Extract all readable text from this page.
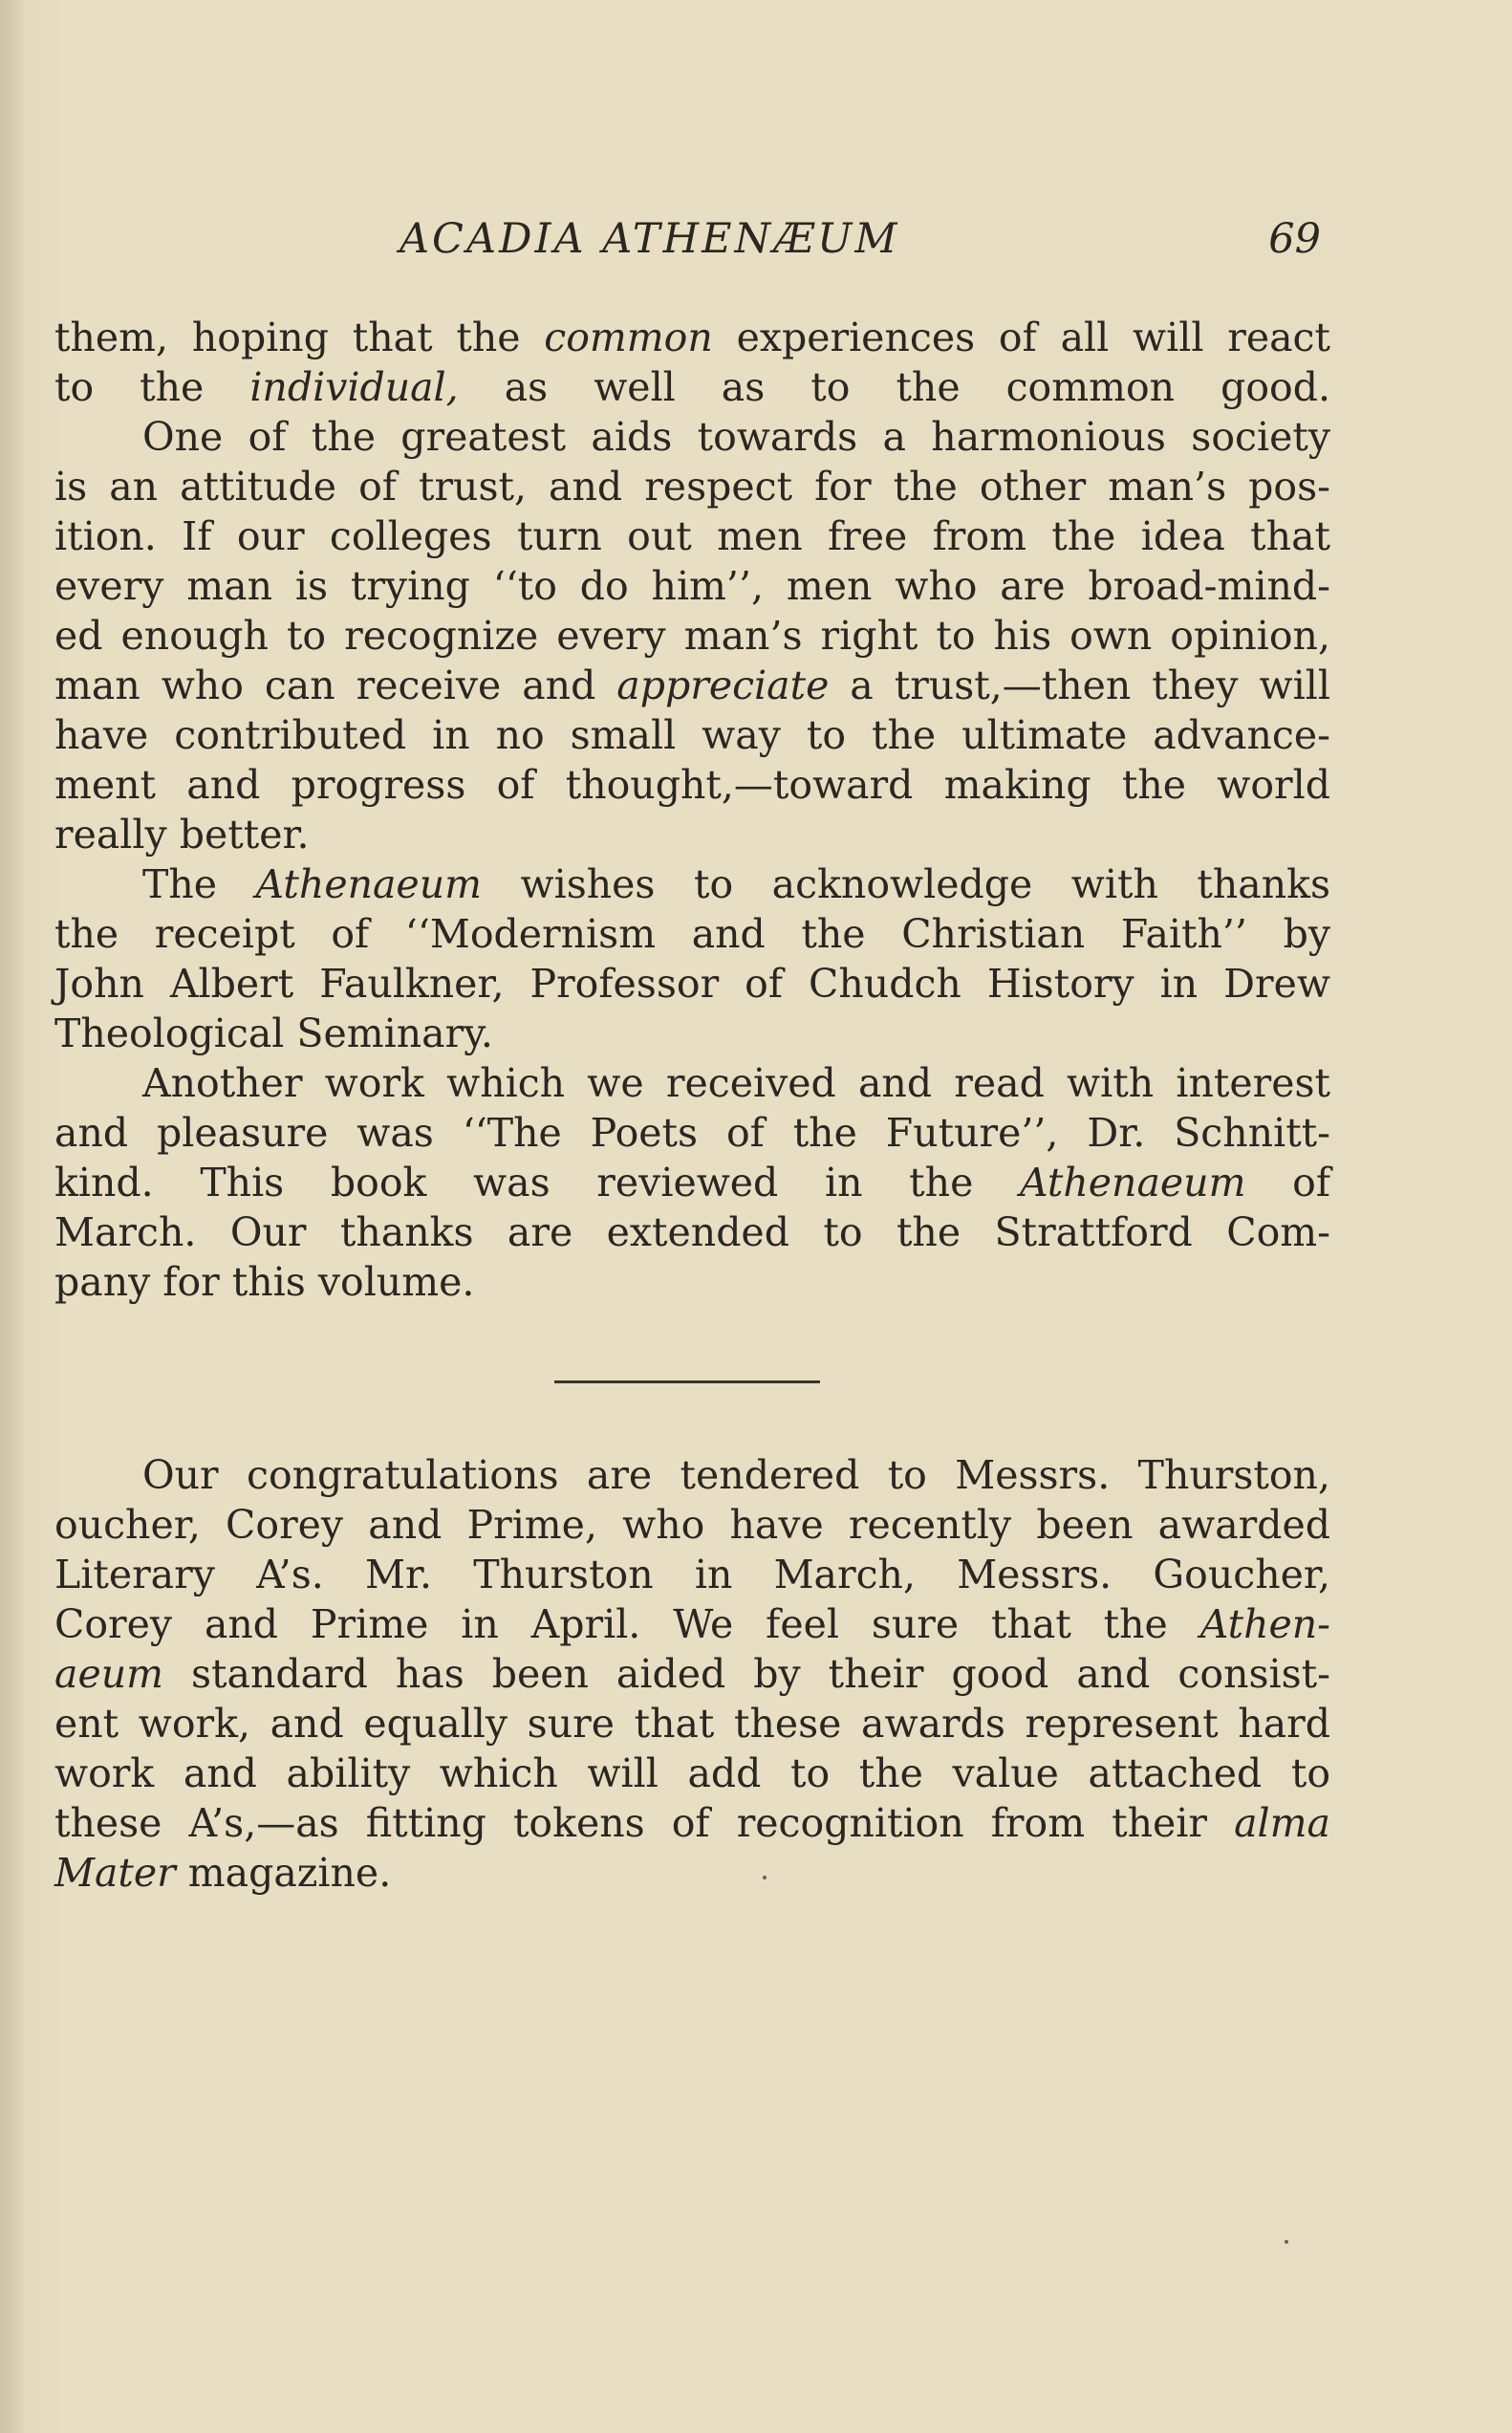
ACADIA ATHENÆUM	69
them, hoping that the common experiences of all will react
to the individual, as well as to the common good.
One of the greatest aids towards a harmonious society
is an attitude of trust, and respect for the other man’s pos-
ition. If our colleges turn out men free from the idea that
every man is trying ‘‘to do him’’, men who are broad-mind-
ed enough to recognize every man’s right to his own opinion,
man who can receive and appreciate a trust,—then they will
have contributed in no small way to the ultimate advance-
ment and progress of thought,—toward making the world
really better.
The Athenaeum wishes to acknowledge with thanks
the receipt of ‘‘Modernism and the Christian Faith’’ by
John Albert Faulkner, Professor of Chudch History in Drew
Theological Seminary.
Another work which we received and read with interest
and pleasure was ‘‘The Poets of the Future’’, Dr. Schnitt-
kind. This book was reviewed in the Athenaeum of
March. Our thanks are extended to the Strattford Com-
pany for this volume.
Our congratulations are tendered to Messrs. Thurston,
oucher, Corey and Prime, who have recently been awarded
Literary A’s. Mr. Thurston in March, Messrs. Goucher,
Corey and Prime in April. We feel sure that the Athen-
aeum standard has been aided by their good and consist-
ent work, and equally sure that these awards represent hard
work and ability which will add to the value attached to
these A’s,—as fitting tokens of recognition from their alma
Mater magazine.
